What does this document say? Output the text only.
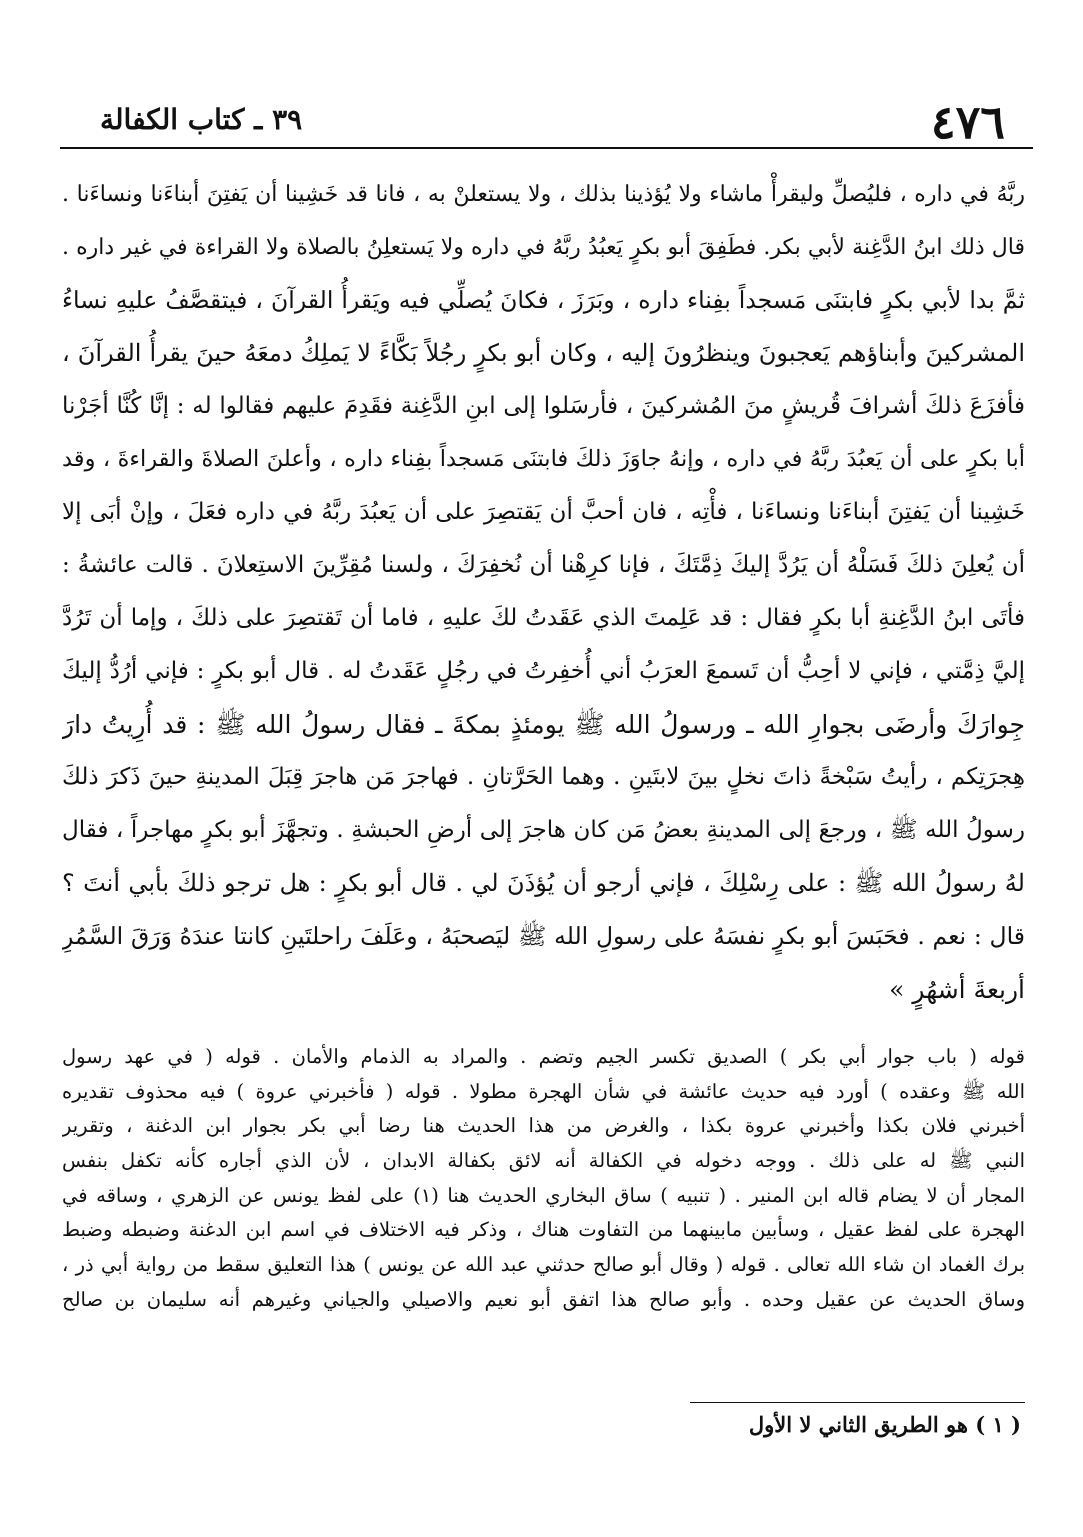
٤٧٦
٣٩ ـ كتاب الكفالة
ربَّهُ في داره ، فليُصلِّ وليقرأْ ماشاء ولا يُؤذينا بذلك ، ولا يستعلنْ به ، فانا قد خَشِينا أن يَفتِنَ أبناءَنا ونساءَنا .
قال ذلك ابنُ الدَّغِنة لأبي بكر. فطَفِقَ أبو بكرٍ يَعبُدُ ربَّهُ في داره ولا يَستعلِنُ بالصلاة ولا القراءة في غير داره .
ثمَّ بدا لأبي بكرٍ فابتنَى مَسجداً بفِناء داره ، وبَرَزَ ، فكانَ يُصلِّي فيه ويَقرأُ القرآنَ ، فيتقصَّفُ عليهِ نساءُ
المشركينَ وأبناؤهم يَعجبونَ وينظرُونَ إليه ، وكان أبو بكرٍ رجُلاً بَكَّاءً لا يَملِكُ دمعَهُ حينَ يقرأُ القرآنَ ،
فأفزَعَ ذلكَ أشرافَ قُريشٍ منَ المُشركينَ ، فأرسَلوا إلى ابنِ الدَّغِنة فقَدِمَ عليهم فقالوا له : إنَّا كُنَّا أجَرْنا
أبا بكرٍ على أن يَعبُدَ ربَّهُ في داره ، وإنهُ جاوَزَ ذلكَ فابتنَى مَسجداً بفِناء داره ، وأعلنَ الصلاةَ والقراءةَ ، وقد
خَشِينا أن يَفتِنَ أبناءَنا ونساءَنا ، فأْتِه ، فان أحبَّ أن يَقتصِرَ على أن يَعبُدَ ربَّهُ في داره فعَلَ ، وإنْ أبَى إلا
أن يُعلِنَ ذلكَ فَسَلْهُ أن يَرُدَّ إليكَ ذِمَّتَكَ ، فإنا كرِهْنا أن نُخفِرَكَ ، ولسنا مُقِرِّينَ الاستِعلانَ . قالت عائشةُ :
فأتَى ابنُ الدَّغِنةِ أبا بكرٍ فقال : قد عَلِمتَ الذي عَقَدتُ لكَ عليهِ ، فاما أن تَقتصِرَ على ذلكَ ، وإما أن تَرُدَّ
إليَّ ذِمَّتي ، فإني لا أحِبُّ أن تَسمعَ العرَبُ أني أُخفِرتُ في رجُلٍ عَقَدتُ له . قال أبو بكرٍ : فإني أرُدُّ إليكَ
جِوارَكَ وأرضَى بجوارِ الله ـ ورسولُ الله ﷺ يومئذٍ بمكةَ ـ فقال رسولُ الله ﷺ : قد أُرِيتُ دارَ
هِجرَتِكم ، رأيتُ سَبْخةً ذاتَ نخلٍ بينَ لابتَينِ . وهما الحَرَّتانِ . فهاجرَ مَن هاجرَ قِبَلَ المدينةِ حينَ ذَكرَ ذلكَ
رسولُ الله ﷺ ، ورجعَ إلى المدينةِ بعضُ مَن كان هاجرَ إلى أرضِ الحبشةِ . وتجهَّزَ أبو بكرٍ مهاجراً ، فقال
لهُ رسولُ الله ﷺ : على رِسْلِكَ ، فإني أرجو أن يُؤذَنَ لي . قال أبو بكرٍ : هل ترجو ذلكَ بأبي أنتَ ؟
قال : نعم . فحَبَسَ أبو بكرٍ نفسَهُ على رسولِ الله ﷺ ليَصحبَهُ ، وعَلَفَ راحلتَينِ كانتا عندَهُ وَرَقَ السَّمُرِ
أربعةَ أشهُرٍ »
قوله ( باب جوار أبي بكر ) الصديق تكسر الجيم وتضم . والمراد به الذمام والأمان . قوله ( في عهد رسول
الله ﷺ وعقده ) أورد فيه حديث عائشة في شأن الهجرة مطولا . قوله ( فأخبرني عروة ) فيه محذوف تقديره
أخبرني فلان بكذا وأخبرني عروة بكذا ، والغرض من هذا الحديث هنا رضا أبي بكر بجوار ابن الدغنة ، وتقرير
النبي ﷺ له على ذلك . ووجه دخوله في الكفالة أنه لائق بكفالة الابدان ، لأن الذي أجاره كأنه تكفل بنفس
المجار أن لا يضام قاله ابن المنير . ( تنبيه ) ساق البخاري الحديث هنا (١) على لفظ يونس عن الزهري ، وساقه في
الهجرة على لفظ عقيل ، وسأبين مابينهما من التفاوت هناك ، وذكر فيه الاختلاف في اسم ابن الدغنة وضبطه وضبط
برك الغماد ان شاء الله تعالى . قوله ( وقال أبو صالح حدثني عبد الله عن يونس ) هذا التعليق سقط من رواية أبي ذر ،
وساق الحديث عن عقيل وحده . وأبو صالح هذا اتفق أبو نعيم والاصيلي والجياني وغيرهم أنه سليمان بن صالح
( ١ ) هو الطريق الثاني لا الأول
